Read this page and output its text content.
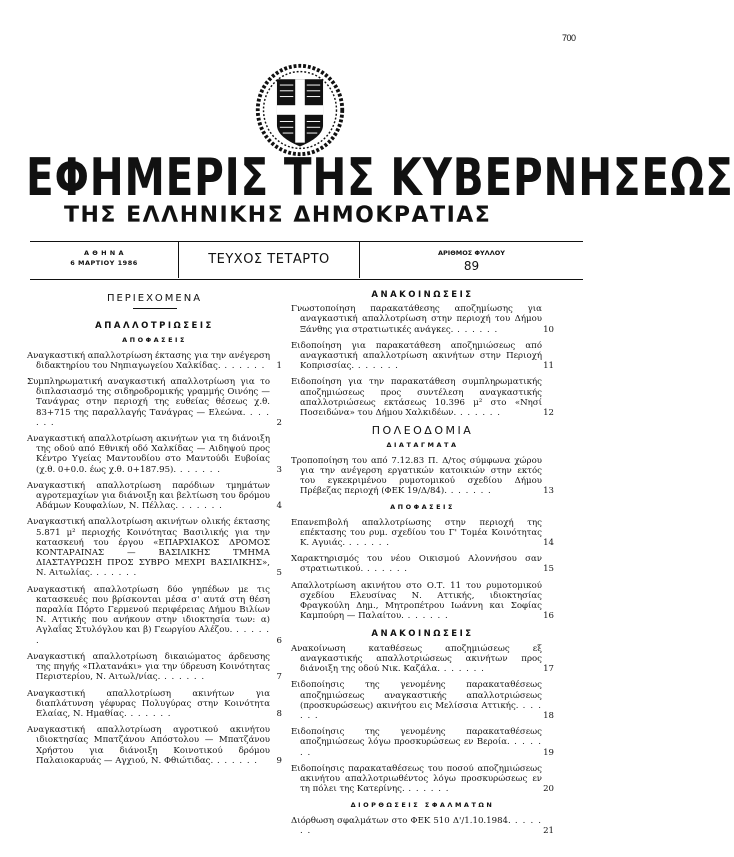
700
ΕΦΗΜΕΡΙΣ ΤΗΣ ΚΥΒΕΡΝΗΣΕΩΣ
ΤΗΣ ΕΛΛΗΝΙΚΗΣ ΔΗΜΟΚΡΑΤΙΑΣ
Α Θ Η Ν Α
6 ΜΑΡΤΙΟΥ 1986	ΤΕΥΧΟΣ ΤΕΤΑΡΤΟ	ΑΡΙΘΜΟΣ ΦΥΛΛΟΥ
89
ΠΕΡΙΕΧΟΜΕΝΑ
ΑΠΑΛΛΟΤΡΙΩΣΕΙΣ
ΑΠΟΦΑΣΕΙΣ
Αναγκαστική απαλλοτρίωση έκτασης για την ανέγερση διδακτηρίου του Νηπιαγωγείου Χαλκίδας. . . . . . . 1
Συμπληρωματική αναγκαστική απαλλοτρίωση για το διπλασιασμό της σιδηροδρομικής γραμμής Οινόης —Τανάγρας στην περιοχή της ευθείας θέσεως χ.θ. 83+715 της παραλλαγής Τανάγρας — Ελεώνα. . . . . . .	2
Αναγκαστική απαλλοτρίωση ακινήτων για τη διάνοιξη της οδού από Εθνική οδό Χαλκίδας — Αιδηψού προς Κέντρο Υγείας Μαντουδίου στο Μαντούδι Ευβοίας (χ.θ. 0+0.0. έως χ.θ. 0+187.95). . . . . . .	3
Αναγκαστική απαλλοτρίωση παρόδιων τμημάτων αγροτεμαχίων για διάνοιξη και βελτίωση του δρόμου Αδάμων Κουφαλίων, Ν. Πέλλας. . . . . . .	4
Αναγκαστική απαλλοτρίωση ακινήτων ολικής έκτασης 5.871 μ² περιοχής Κοινότητας Βασιλικής για την κατασκευή του έργου «ΕΠΑΡΧΙΑΚΟΣ ΔΡΟΜΟΣ ΚΟΝΤΑΡΑΙΝΑΣ — ΒΑΣΙΛΙΚΗΣ ΤΜΗΜΑ ΔΙΑΣΤΑΥΡΩΣΗ ΠΡΟΣ ΣΥΒΡΟ ΜΕΧΡΙ ΒΑΣΙΛΙΚΗΣ», Ν. Αιτωλίας. . . . . . .	5
Αναγκαστική απαλλοτρίωση δύο γηπέδων με τις κατασκευές που βρίσκονται μέσα σ' αυτά στη θέση παραλία Πόρτο Γερμενού περιφέρειας Δήμου Βιλίων Ν. Αττικής που ανήκουν στην ιδιοκτησία των: α) Αγλαΐας Στυλόγλου και β) Γεωργίου Αλέζου. . . . . . .	6
Αναγκαστική απαλλοτρίωση δικαιώματος άρδευσης της πηγής «Πλατανάκι» για την ύδρευση Κοινότητας Περιστερίου, Ν. Αιτωλ/νίας. . . . . . .	7
Αναγκαστική απαλλοτρίωση ακινήτων για διαπλάτυνση γέφυρας Πολυγύρας στην Κοινότητα Ελαίας, Ν. Ημαθίας. . . . . . .	8
Αναγκαστική απαλλοτρίωση αγροτικού ακινήτου ιδιοκτησίας Μπατζάνου Απόστολου — Μπατζάνου Χρήστου για διάνοιξη Κοινοτικού δρόμου Παλαιοκαρυάς — Αγχιού, Ν. Φθιώτιδας. . . . . . . 9
ΑΝΑΚΟΙΝΩΣΕΙΣ
Γνωστοποίηση παρακατάθεσης αποζημίωσης για αναγκαστική απαλλοτρίωση στην περιοχή του Δήμου Ξάνθης για στρατιωτικές ανάγκες. . . . . . .	10
Ειδοποίηση για παρακατάθεση αποζημιώσεως από αναγκαστική απαλλοτρίωση ακινήτων στην Περιοχή Κοπρισσίας. . . . . . .	11
Ειδοποίηση για την παρακατάθεση συμπληρωματικής αποζημιώσεως προς συντέλεση αναγκαστικής απαλλοτριώσεως εκτάσεως 10.396 μ² στο «Νησί Ποσειδώνα» του Δήμου Χαλκιδέων. . . . . . .	12
ΠΟΛΕΟΔΟΜΙΑ
ΔΙΑΤΑΓΜΑΤΑ
Τροποποίηση του από 7.12.83 Π. Δ/τος σύμφωνα χώρου για την ανέγερση εργατικών κατοικιών στην εκτός του εγκεκριμένου ρυμοτομικού σχεδίου Δήμου Πρέβεζας περιοχή (ΦΕΚ 19/Δ/84). . . . . . .	13
ΑΠΟΦΑΣΕΙΣ
Επανεπιβολή απαλλοτρίωσης στην περιοχή της επέκτασης του ρυμ. σχεδίου του Γ' Τομέα Κοινότητας Κ. Αγυιάς. . . . . . .	14
Χαρακτηρισμός του νέου Οικισμού Αλοννήσου σαν στρατιωτικού. . . . . . .	15
Απαλλοτρίωση ακινήτου στο Ο.Τ. 11 του ρυμοτομικού σχεδίου Ελευσίνας Ν. Αττικής, ιδιοκτησίας Φραγκούλη Δημ., Μητροπέτρου Ιωάννη και Σοφίας Καμπούρη — Παλαίτου. . . . . . .	16
ΑΝΑΚΟΙΝΩΣΕΙΣ
Ανακοίνωση καταθέσεως αποζημιώσεως εξ αναγκαστικής απαλλοτριώσεως ακινήτων προς διάνοιξη της οδού Νικ. Καζάλα. . . . . . .	17
Ειδοποίησις της γενομένης παρακαταθέσεως αποζημιώσεως αναγκαστικής απαλλοτριώσεως (προσκυρώσεως) ακινήτου εις Μελίσσια Αττικής. . . . . . .	18
Ειδοποίησις της γενομένης παρακαταθέσεως αποζημιώσεως λόγω προσκυρώσεως εν Βεροία. . . . . . .	19
Ειδοποίησις παρακαταθέσεως του ποσού αποζημιώσεως ακινήτου απαλλοτριωθέντος λόγω προσκυρώσεως εν τη πόλει της Κατερίνης. . . . . . .	20
ΔΙΟΡΘΩΣΕΙΣ ΣΦΑΛΜΑΤΩΝ
Διόρθωση σφαλμάτων στο ΦΕΚ 510 Δ'/1.10.1984. . . . . . .	21
